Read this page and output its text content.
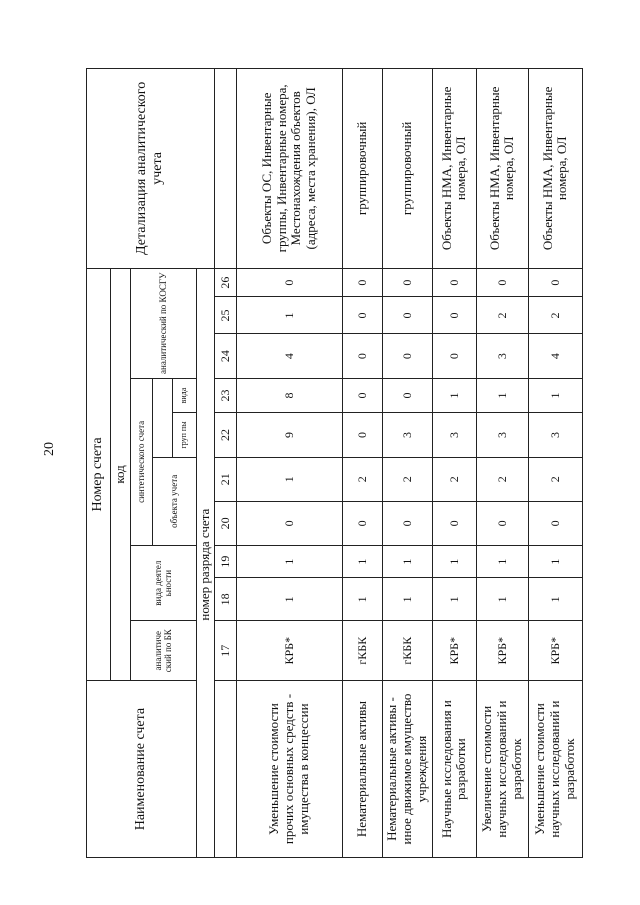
20
Наименование счета	Номер счета										Детализация аналитического учета
	код										
	аналитиче ский по БК	вида деятел ьности		синтетического счета				аналитический по КОСГУ			
				объекта учета							
						груп пы	вида				
	номер разряда счета										
	17	18	19	20	21	22	23	24	25	26	
Уменьшение стоимости прочих основных средств - имущества в концессии	КРБ*	1	1	0	1	9	8	4	1	0	Объекты ОС, Инвентарные группы, Инвентарные номера, Местонахождения объектов (адреса, места хранения), ОЛ
Нематериальные активы	гКБК	1	1	0	2	0	0	0	0	0	группировочный
Нематериальные активы - иное движимое имущество учреждения	гКБК	1	1	0	2	3	0	0	0	0	группировочный
Научные исследования и разработки	КРБ*	1	1	0	2	3	1	0	0	0	Объекты НМА, Инвентарные номера, ОЛ
Увеличение стоимости научных исследований и разработок	КРБ*	1	1	0	2	3	1	3	2	0	Объекты НМА, Инвентарные номера, ОЛ
Уменьшение стоимости научных исследований и разработок	КРБ*	1	1	0	2	3	1	4	2	0	Объекты НМА, Инвентарные номера, ОЛ
